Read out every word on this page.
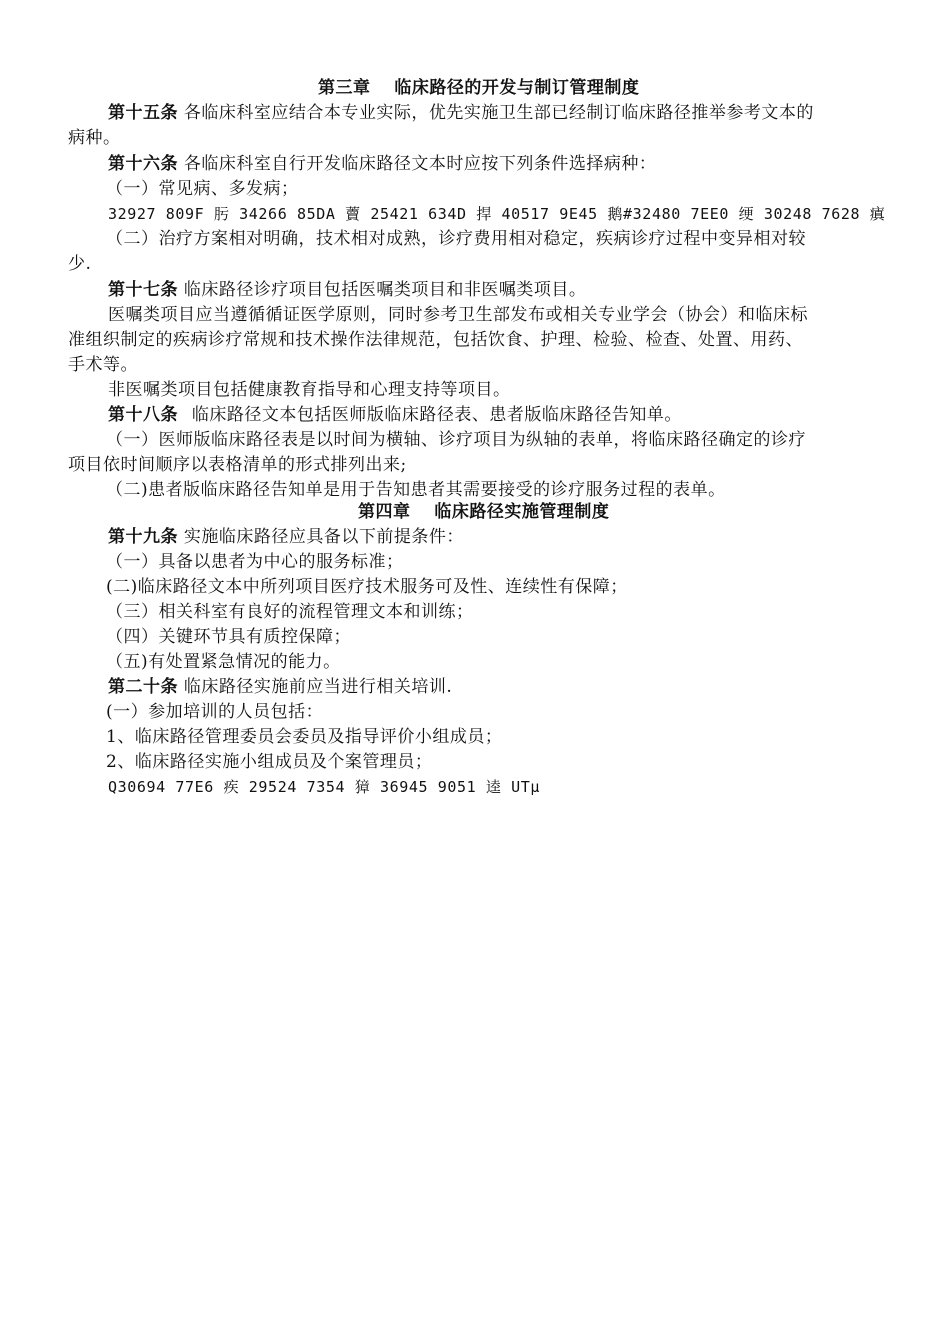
第三章　 临床路径的开发与制订管理制度
第十五条 各临床科室应结合本专业实际，优先实施卫生部已经制订临床路径推举参考文本的
病种。
第十六条 各临床科室自行开发临床路径文本时应按下列条件选择病种：
（一）常见病、多发病；
32927 809F 肟 34266 85DA 藚 25421 634D 捍 40517 9E45 鹅#32480 7EE0 绠 30248 7628 瘨
（二）治疗方案相对明确，技术相对成熟，诊疗费用相对稳定，疾病诊疗过程中变异相对较
少.
第十七条 临床路径诊疗项目包括医嘱类项目和非医嘱类项目。
医嘱类项目应当遵循循证医学原则，同时参考卫生部发布或相关专业学会（协会）和临床标
准组织制定的疾病诊疗常规和技术操作法律规范，包括饮食、护理、检验、检查、处置、用药、
手术等。
非医嘱类项目包括健康教育指导和心理支持等项目。
第十八条 临床路径文本包括医师版临床路径表、患者版临床路径告知单。
（一）医师版临床路径表是以时间为横轴、诊疗项目为纵轴的表单，将临床路径确定的诊疗
项目依时间顺序以表格清单的形式排列出来;
（二)患者版临床路径告知单是用于告知患者其需要接受的诊疗服务过程的表单。
第四章　 临床路径实施管理制度
第十九条 实施临床路径应具备以下前提条件：
（一）具备以患者为中心的服务标准；
(二)临床路径文本中所列项目医疗技术服务可及性、连续性有保障；
（三）相关科室有良好的流程管理文本和训练；
（四）关键环节具有质控保障；
（五)有处置紧急情况的能力。
第二十条 临床路径实施前应当进行相关培训.
(一）参加培训的人员包括：
1、临床路径管理委员会委员及指导评价小组成员；
2、临床路径实施小组成员及个案管理员；
Q30694 77E6 疾 29524 7354 獐 36945 9051 逵 UTμ
